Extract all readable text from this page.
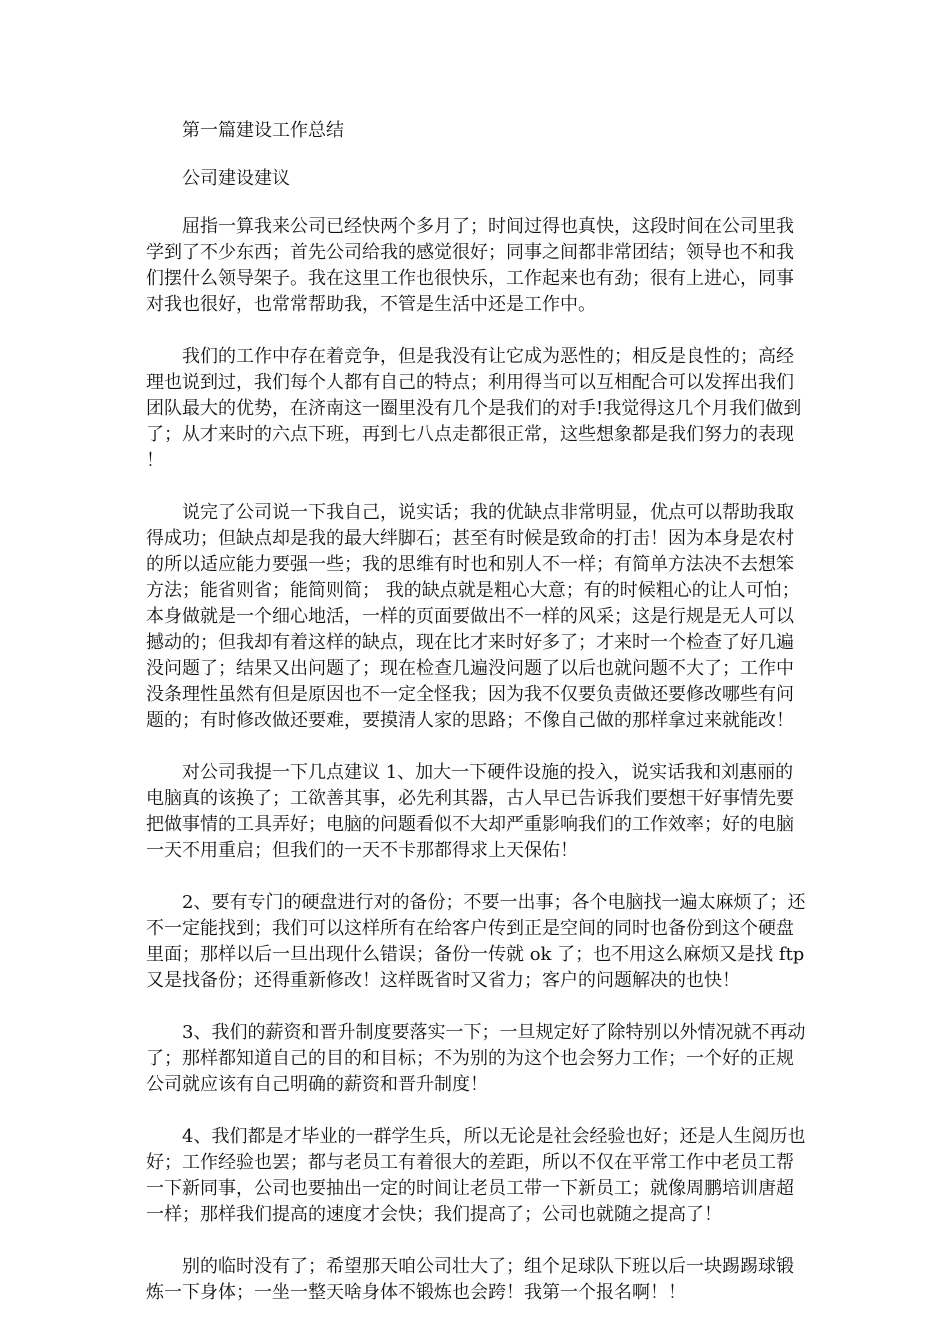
第一篇建设工作总结

公司建设建议

屈指一算我来公司已经快两个多月了；时间过得也真快，这段时间在公司里我学到了不少东西；首先公司给我的感觉很好；同事之间都非常团结；领导也不和我们摆什么领导架子。我在这里工作也很快乐，工作起来也有劲；很有上进心，同事对我也很好，也常常帮助我，不管是生活中还是工作中。

我们的工作中存在着竞争，但是我没有让它成为恶性的；相反是良性的；高经理也说到过，我们每个人都有自己的特点；利用得当可以互相配合可以发挥出我们团队最大的优势，在济南这一圈里没有几个是我们的对手!我觉得这几个月我们做到了；从才来时的六点下班，再到七八点走都很正常，这些想象都是我们努力的表现！

说完了公司说一下我自己，说实话；我的优缺点非常明显，优点可以帮助我取得成功；但缺点却是我的最大绊脚石；甚至有时候是致命的打击！因为本身是农村的所以适应能力要强一些；我的思维有时也和别人不一样；有简单方法决不去想笨方法；能省则省；能简则简； 我的缺点就是粗心大意；有的时候粗心的让人可怕；本身做就是一个细心地活，一样的页面要做出不一样的风采；这是行规是无人可以撼动的；但我却有着这样的缺点，现在比才来时好多了；才来时一个检查了好几遍没问题了；结果又出问题了；现在检查几遍没问题了以后也就问题不大了；工作中没条理性虽然有但是原因也不一定全怪我；因为我不仅要负责做还要修改哪些有问题的；有时修改做还要难，要摸清人家的思路；不像自己做的那样拿过来就能改！

对公司我提一下几点建议 1、加大一下硬件设施的投入，说实话我和刘惠丽的电脑真的该换了；工欲善其事，必先利其器，古人早已告诉我们要想干好事情先要把做事情的工具弄好；电脑的问题看似不大却严重影响我们的工作效率；好的电脑一天不用重启；但我们的一天不卡那都得求上天保佑！

2、要有专门的硬盘进行对的备份；不要一出事；各个电脑找一遍太麻烦了；还不一定能找到；我们可以这样所有在给客户传到正是空间的同时也备份到这个硬盘里面；那样以后一旦出现什么错误；备份一传就 ok 了；也不用这么麻烦又是找 ftp 又是找备份；还得重新修改！这样既省时又省力；客户的问题解决的也快！

3、我们的薪资和晋升制度要落实一下；一旦规定好了除特别以外情况就不再动了；那样都知道自己的目的和目标；不为别的为这个也会努力工作；一个好的正规公司就应该有自己明确的薪资和晋升制度！

4、我们都是才毕业的一群学生兵，所以无论是社会经验也好；还是人生阅历也好；工作经验也罢；都与老员工有着很大的差距，所以不仅在平常工作中老员工帮一下新同事，公司也要抽出一定的时间让老员工带一下新员工；就像周鹏培训唐超一样；那样我们提高的速度才会快；我们提高了；公司也就随之提高了！

别的临时没有了；希望那天咱公司壮大了；组个足球队下班以后一块踢踢球锻炼一下身体；一坐一整天啥身体不锻炼也会跨！我第一个报名啊！！
